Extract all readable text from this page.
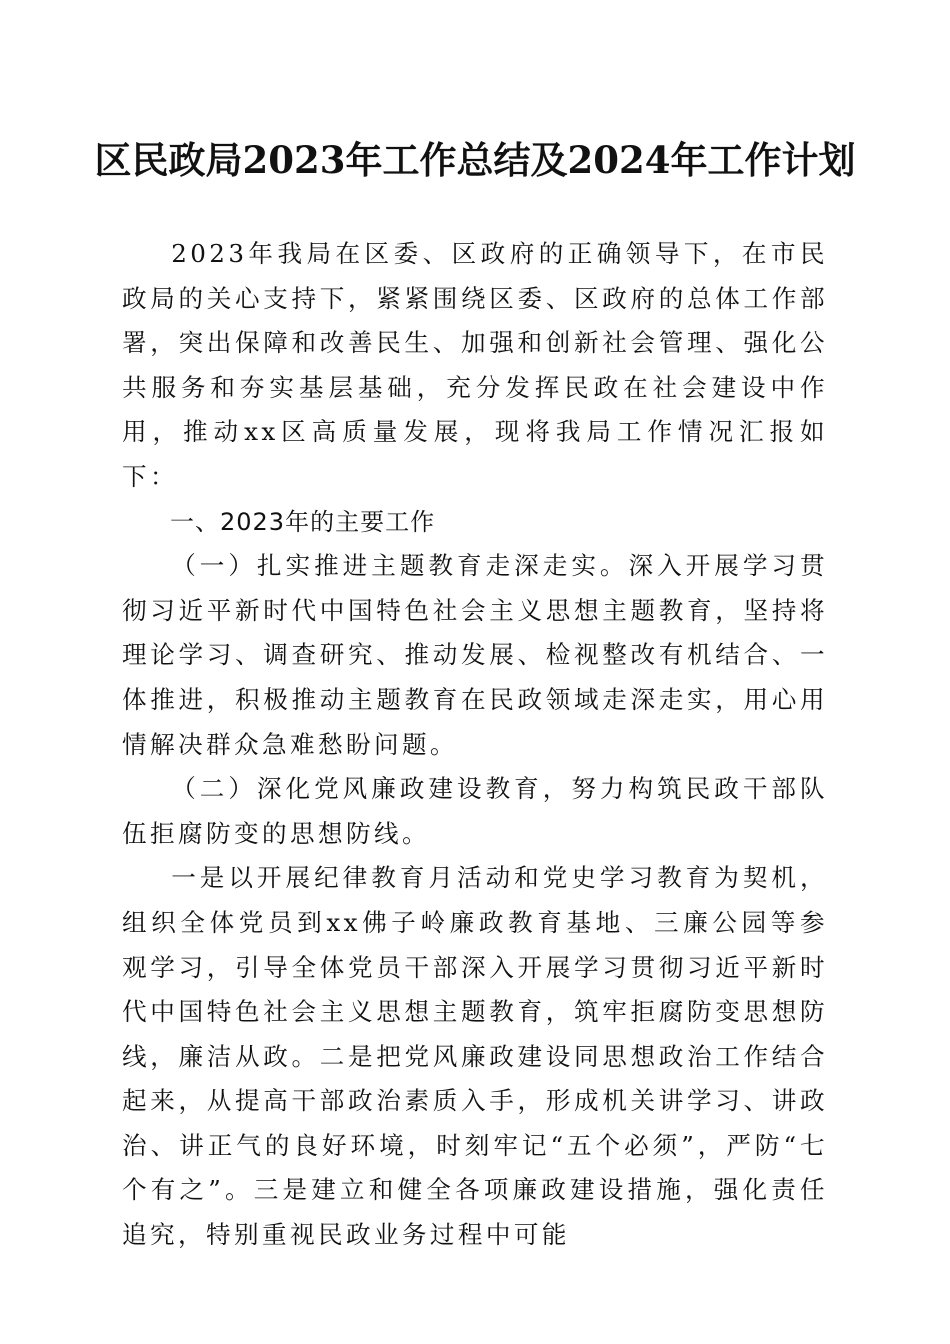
区民政局2023年工作总结及2024年工作计划

2023年我局在区委、区政府的正确领导下，在市民政局的关心支持下，紧紧围绕区委、区政府的总体工作部署，突出保障和改善民生、加强和创新社会管理、强化公共服务和夯实基层基础，充分发挥民政在社会建设中作用，推动xx区高质量发展，现将我局工作情况汇报如下：

一、2023年的主要工作

（一）扎实推进主题教育走深走实。深入开展学习贯彻习近平新时代中国特色社会主义思想主题教育，坚持将理论学习、调查研究、推动发展、检视整改有机结合、一体推进，积极推动主题教育在民政领域走深走实，用心用情解决群众急难愁盼问题。

（二）深化党风廉政建设教育，努力构筑民政干部队伍拒腐防变的思想防线。

一是以开展纪律教育月活动和党史学习教育为契机，组织全体党员到xx佛子岭廉政教育基地、三廉公园等参观学习，引导全体党员干部深入开展学习贯彻习近平新时代中国特色社会主义思想主题教育，筑牢拒腐防变思想防线，廉洁从政。二是把党风廉政建设同思想政治工作结合起来，从提高干部政治素质入手，形成机关讲学习、讲政治、讲正气的良好环境，时刻牢记“五个必须”，严防“七个有之”。三是建立和健全各项廉政建设措施，强化责任追究，特别重视民政业务过程中可能
